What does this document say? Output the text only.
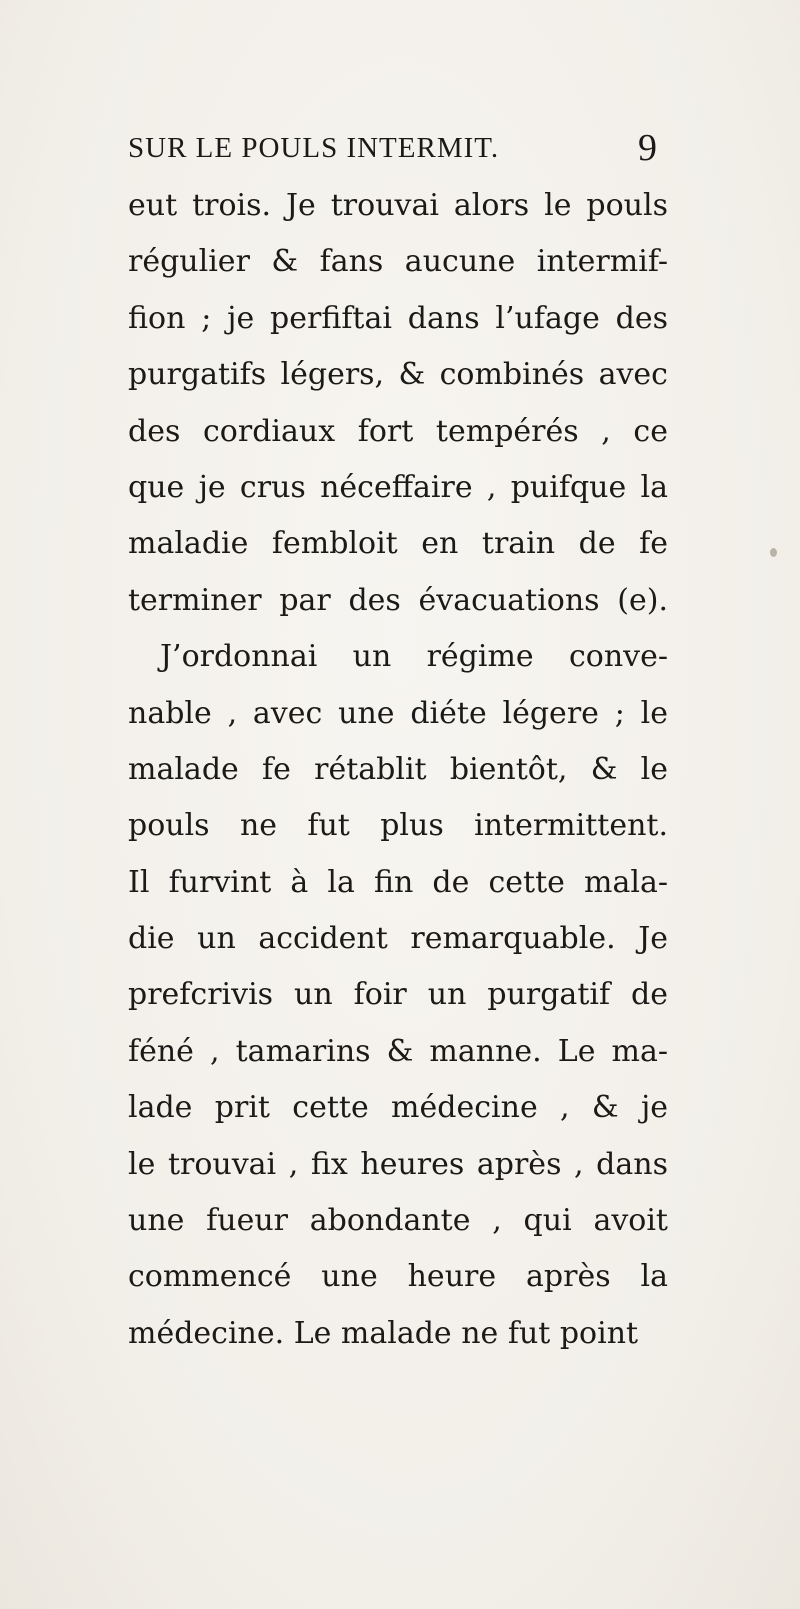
SUR LE POULS INTERMIT.	9
eut trois. Je trouvai alors le pouls
régulier & fans aucune intermif-
fion ; je perfiftai dans l’ufage des
purgatifs légers, & combinés avec
des cordiaux fort tempérés , ce
que je crus néceffaire , puifque la
maladie fembloit en train de fe
terminer par des évacuations (e).
J’ordonnai un régime conve-
nable , avec une diéte légere ; le
malade fe rétablit bientôt, & le
pouls ne fut plus intermittent.
Il furvint à la fin de cette mala-
die un accident remarquable. Je
prefcrivis un foir un purgatif de
féné , tamarins & manne. Le ma-
lade prit cette médecine , & je
le trouvai , fix heures après , dans
une fueur abondante , qui avoit
commencé une heure après la
médecine. Le malade ne fut point
